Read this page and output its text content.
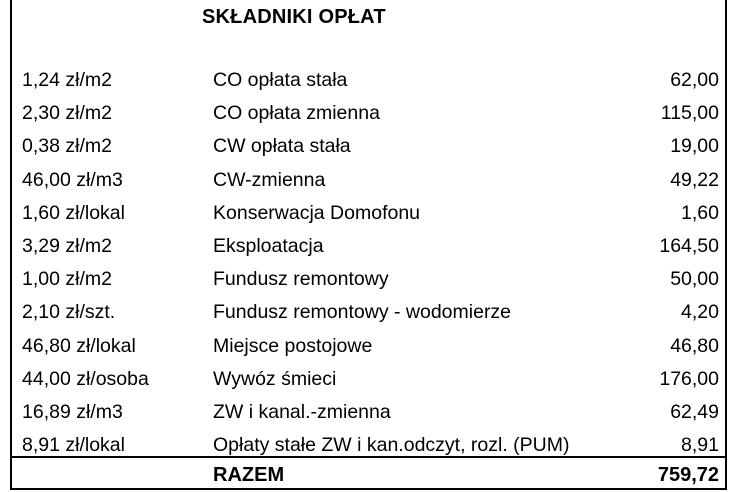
SKŁADNIKI OPŁAT
1,24 zł/m2	CO opłata stała	62,00
2,30 zł/m2	CO opłata zmienna	115,00
0,38 zł/m2	CW opłata stała	19,00
46,00 zł/m3	CW-zmienna	49,22
1,60 zł/lokal	Konserwacja Domofonu	1,60
3,29 zł/m2	Eksploatacja	164,50
1,00 zł/m2	Fundusz remontowy	50,00
2,10 zł/szt.	Fundusz remontowy - wodomierze	4,20
46,80 zł/lokal	Miejsce postojowe	46,80
44,00 zł/osoba	Wywóz śmieci	176,00
16,89 zł/m3	ZW i kanal.-zmienna	62,49
8,91 zł/lokal	Opłaty stałe ZW i kan.odczyt, rozl. (PUM)	8,91
RAZEM	759,72
